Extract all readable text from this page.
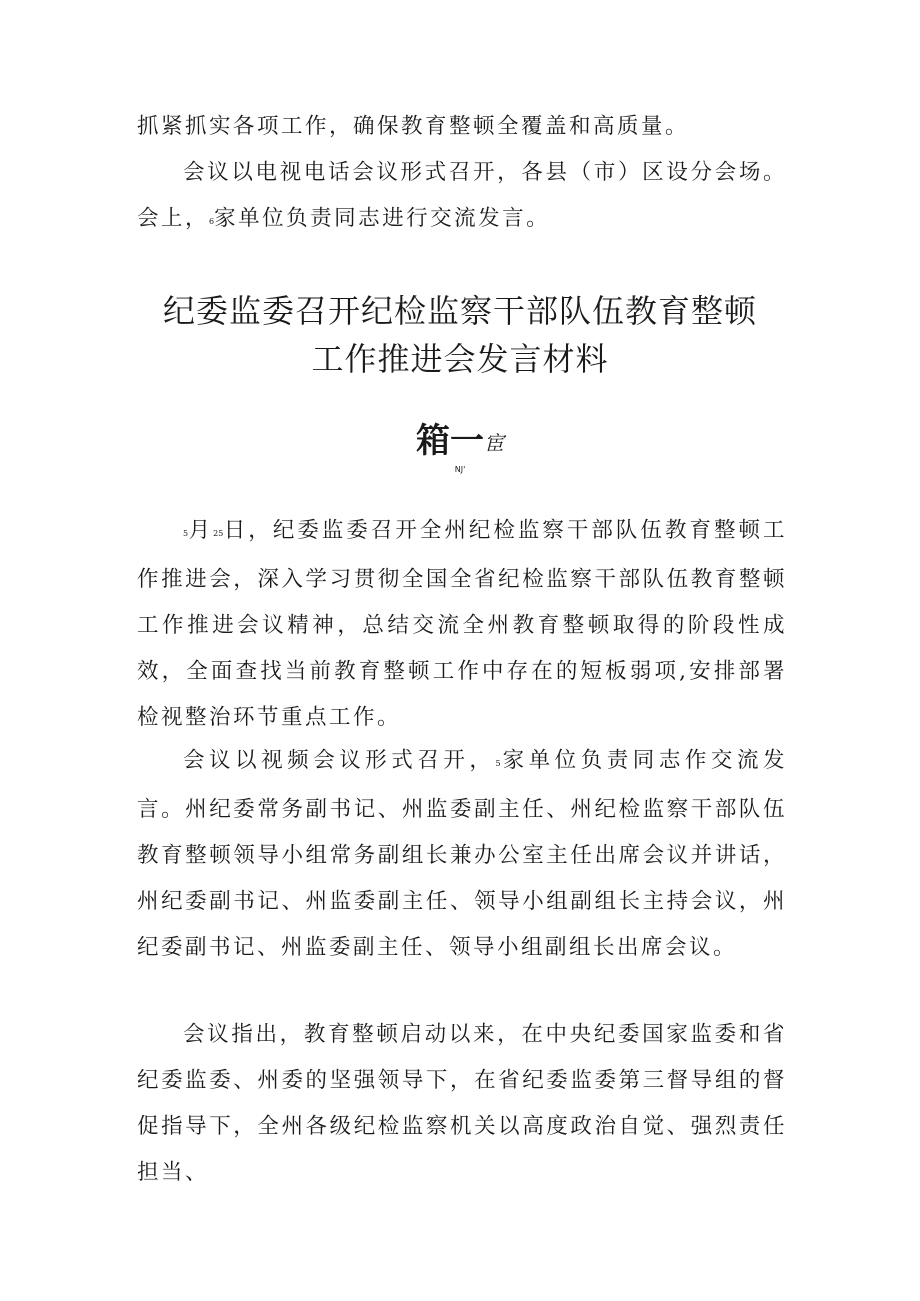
抓紧抓实各项工作，确保教育整顿全覆盖和高质量。

会议以电视电话会议形式召开，各县（市）区设分会场。会上，6家单位负责同志进行交流发言。

纪委监委召开纪检监察干部队伍教育整顿
工作推进会发言材料
箱一宦
NJ'

5月25日，纪委监委召开全州纪检监察干部队伍教育整顿工作推进会，深入学习贯彻全国全省纪检监察干部队伍教育整顿工作推进会议精神，总结交流全州教育整顿取得的阶段性成效，全面查找当前教育整顿工作中存在的短板弱项,安排部署检视整治环节重点工作。

会议以视频会议形式召开，5家单位负责同志作交流发言。州纪委常务副书记、州监委副主任、州纪检监察干部队伍教育整顿领导小组常务副组长兼办公室主任出席会议并讲话，州纪委副书记、州监委副主任、领导小组副组长主持会议，州纪委副书记、州监委副主任、领导小组副组长出席会议。

会议指出，教育整顿启动以来，在中央纪委国家监委和省纪委监委、州委的坚强领导下，在省纪委监委第三督导组的督促指导下，全州各级纪检监察机关以高度政治自觉、强烈责任担当、
